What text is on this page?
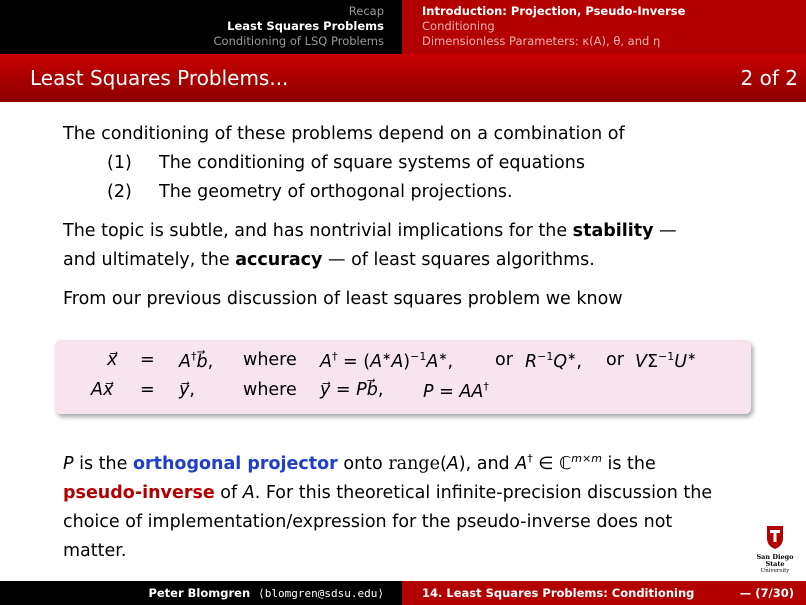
Recap
Least Squares Problems
Conditioning of LSQ Problems
Introduction: Projection, Pseudo-Inverse
Conditioning
Dimensionless Parameters: κ(A), θ, and η
Least Squares Problems...	2 of 2

The conditioning of these problems depend on a combination of

(1)	The conditioning of square systems of equations
(2)	The geometry of orthogonal projections.

The topic is subtle, and has nontrivial implications for the stability —
and ultimately, the accuracy — of least squares algorithms.

From our previous discussion of least squares problem we know

x⃗ = A†b⃗, where $A^\dagger = (A^∗A)^{-1}A^∗$, or $R^{-1}Q^∗$, or $V\Sigma^{-1}U^∗$
Ax⃗ = y⃗,	where y⃗ = Pb⃗, P = AA†

P is the orthogonal projector onto range(A), and A† ∈ ℂ$^{m\times m}$ is the
pseudo-inverse of A. For this theoretical infinite-precision discussion the
choice of implementation/expression for the pseudo-inverse does not
matter.	San Diego State
University
Peter Blomgren
⟨blomgren@sdsu.edu⟩	14. Least Squares Problems: Conditioning	— (7/30)
